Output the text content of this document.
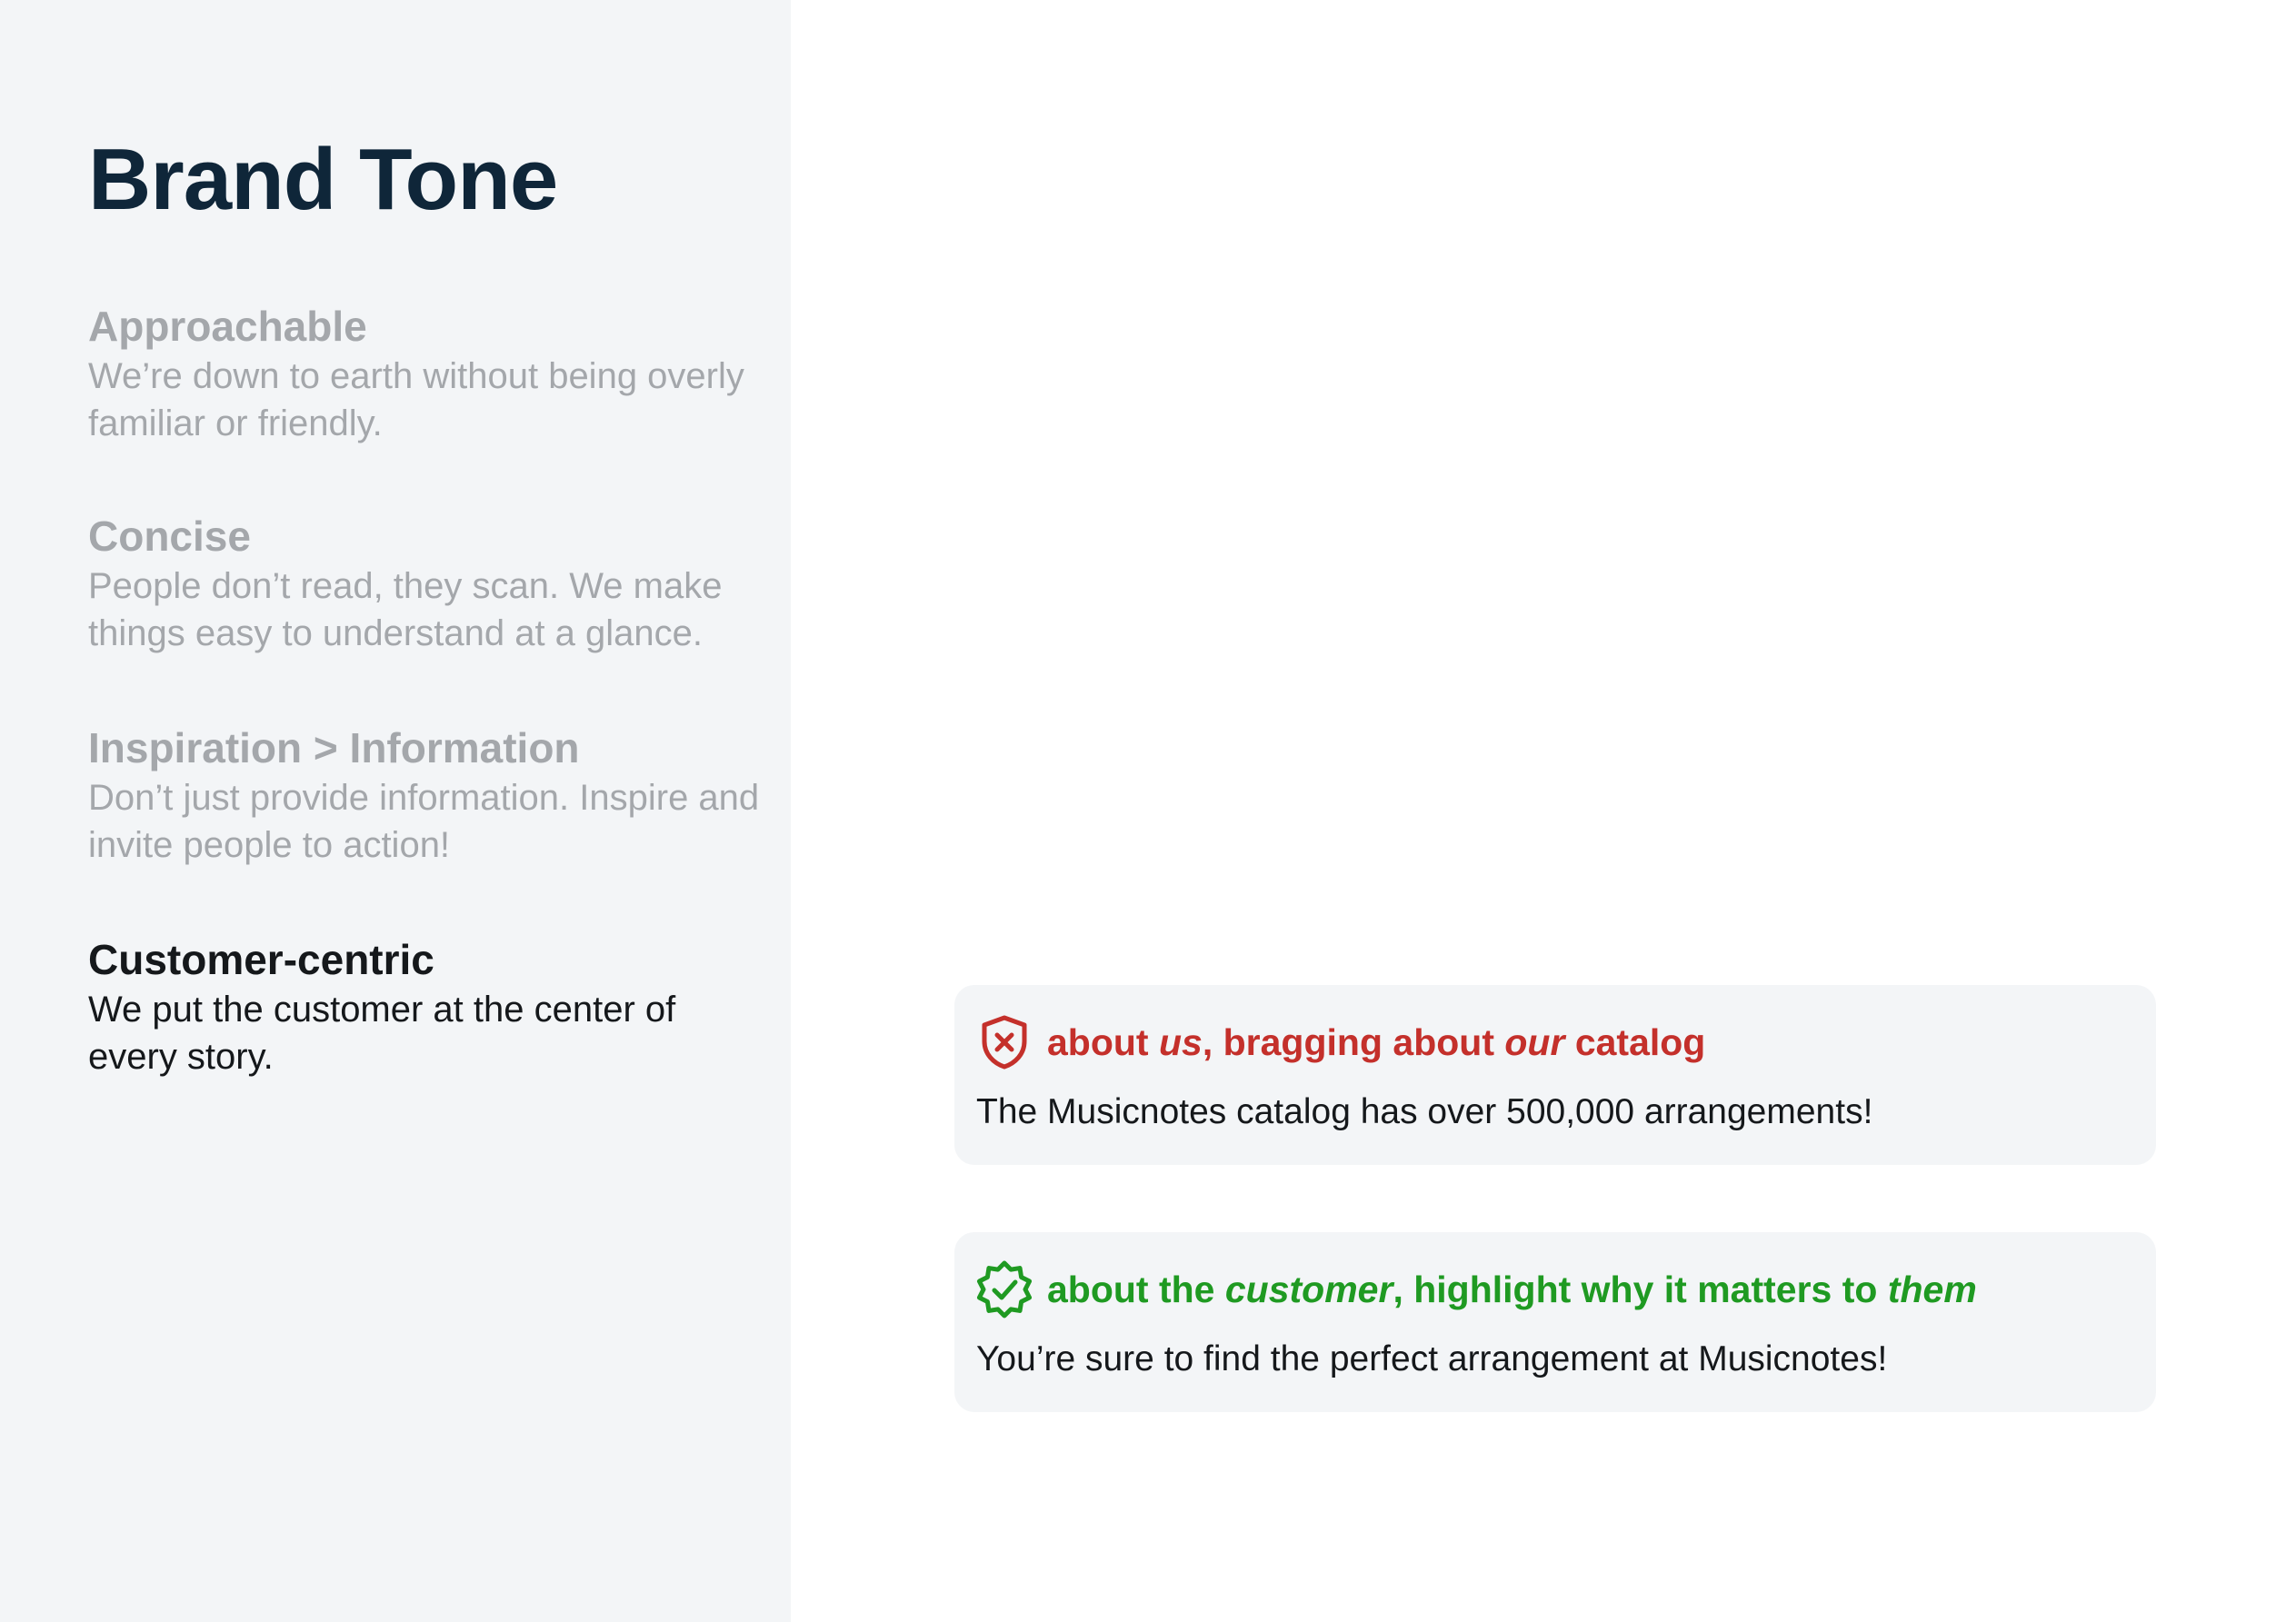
Brand Tone

Approachable

We’re down to earth without being overly familiar or friendly.

Concise

People don’t read, they scan. We make things easy to understand at a glance.

Inspiration > Information

Don’t just provide information. Inspire and invite people to action!

Customer-centric

We put the customer at the center of every story.	about us, bragging about our catalog
The Musicnotes catalog has over 500,000 arrangements!
about the customer, highlight why it matters to them
You’re sure to find the perfect arrangement at Musicnotes!
